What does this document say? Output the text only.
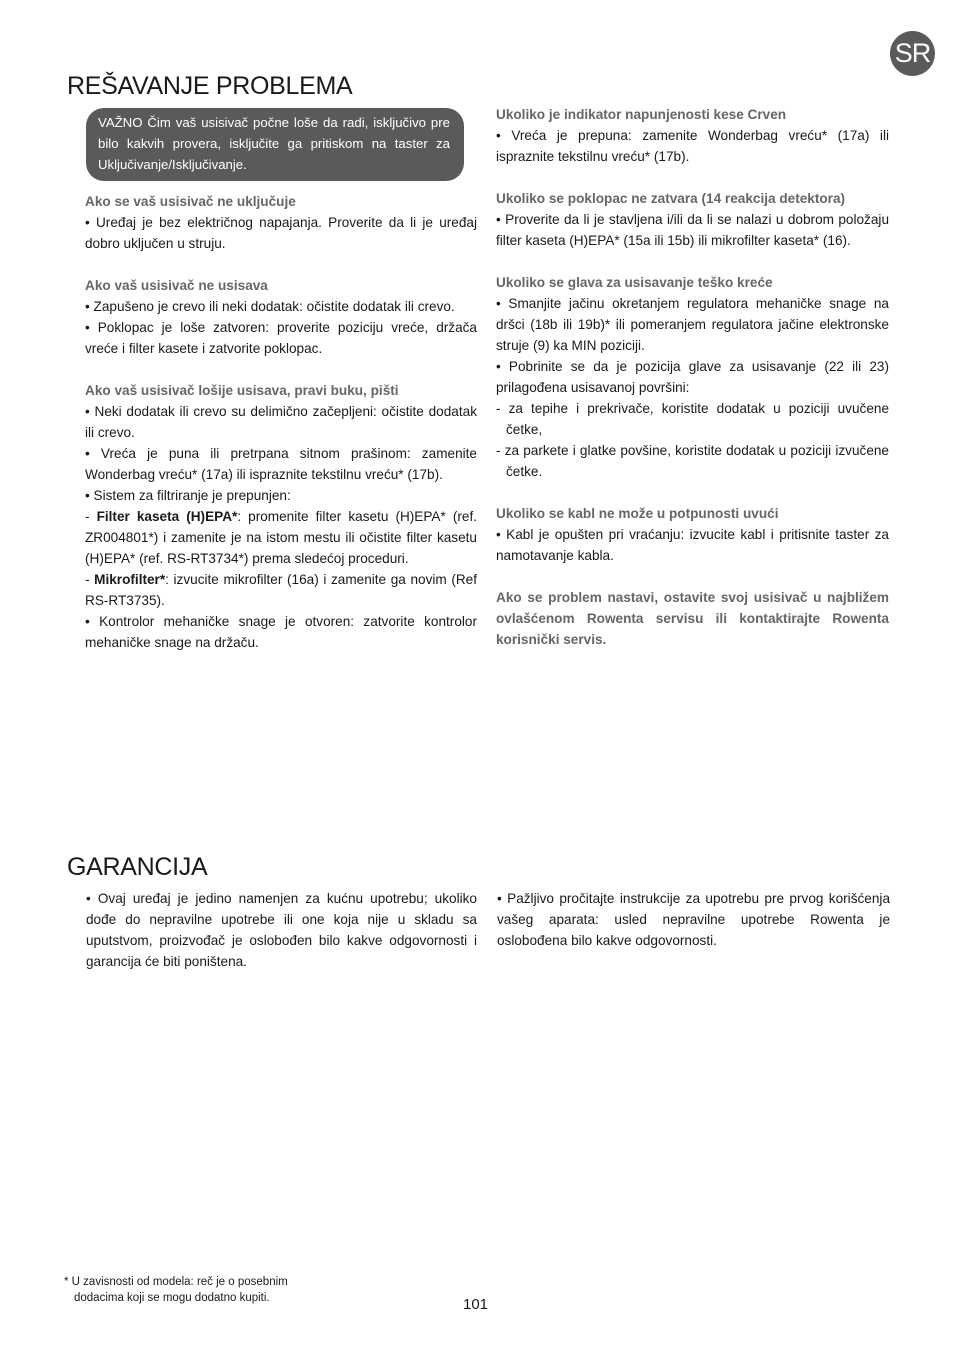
SR
REŠAVANJE PROBLEMA
VAŽNO Čim vaš usisivač počne loše da radi, isključivo pre bilo kakvih provera, isključite ga pritiskom na taster za Uključivanje/Isključivanje.
Ako se vaš usisivač ne uključuje

• Uređaj je bez električnog napajanja. Proverite da li je uređaj dobro uključen u struju.

Ako vaš usisivač ne usisava

• Zapušeno je crevo ili neki dodatak: očistite dodatak ili crevo.

• Poklopac je loše zatvoren: proverite poziciju vreće, držača vreće i filter kasete i zatvorite poklopac.

Ako vaš usisivač lošije usisava, pravi buku, pišti

• Neki dodatak ili crevo su delimično začepljeni: očistite dodatak ili crevo.

• Vreća je puna ili pretrpana sitnom prašinom: zamenite Wonderbag vreću* (17a) ili ispraznite tekstilnu vreću* (17b).

• Sistem za filtriranje je prepunjen:

- Filter kaseta (H)EPA*: promenite filter kasetu (H)EPA* (ref. ZR004801*) i zamenite je na istom mestu ili očistite filter kasetu (H)EPA* (ref. RS-RT3734*) prema sledećoj proceduri.

- Mikrofilter*: izvucite mikrofilter (16a) i zamenite ga novim (Ref RS-RT3735).

• Kontrolor mehaničke snage je otvoren: zatvorite kontrolor mehaničke snage na držaču.

Ukoliko je indikator napunjenosti kese Crven

• Vreća je prepuna: zamenite Wonderbag vreću* (17a) ili ispraznite tekstilnu vreću* (17b).

Ukoliko se poklopac ne zatvara (14 reakcija detektora)

• Proverite da li je stavljena i/ili da li se nalazi u dobrom položaju filter kaseta (H)EPA* (15a ili 15b) ili mikrofilter kaseta* (16).

Ukoliko se glava za usisavanje teško kreće

• Smanjite jačinu okretanjem regulatora mehaničke snage na dršci (18b ili 19b)* ili pomeranjem regulatora jačine elektronske struje (9) ka MIN poziciji.

• Pobrinite se da je pozicija glave za usisavanje (22 ili 23) prilagođena usisavanoj površini:

- za tepihe i prekrivače, koristite dodatak u poziciji uvučene četke,

- za parkete i glatke povšine, koristite dodatak u poziciji izvučene četke.

Ukoliko se kabl ne može u potpunosti uvući

• Kabl je opušten pri vraćanju: izvucite kabl i pritisnite taster za namotavanje kabla.

Ako se problem nastavi, ostavite svoj usisivač u najbližem ovlašćenom Rowenta servisu ili kontaktirajte Rowenta korisnički servis.

GARANCIJA

• Ovaj uređaj je jedino namenjen za kućnu upotrebu; ukoliko dođe do nepravilne upotrebe ili one koja nije u skladu sa uputstvom, proizvođač je oslobođen bilo kakve odgovornosti i garancija će biti poništena.

• Pažljivo pročitajte instrukcije za upotrebu pre prvog korišćenja vašeg aparata: usled nepravilne upotrebe Rowenta je oslobođena bilo kakve odgovornosti.

* U zavisnosti od modela: reč je o posebnim
dodacima koji se mogu dodatno kupiti.	101
